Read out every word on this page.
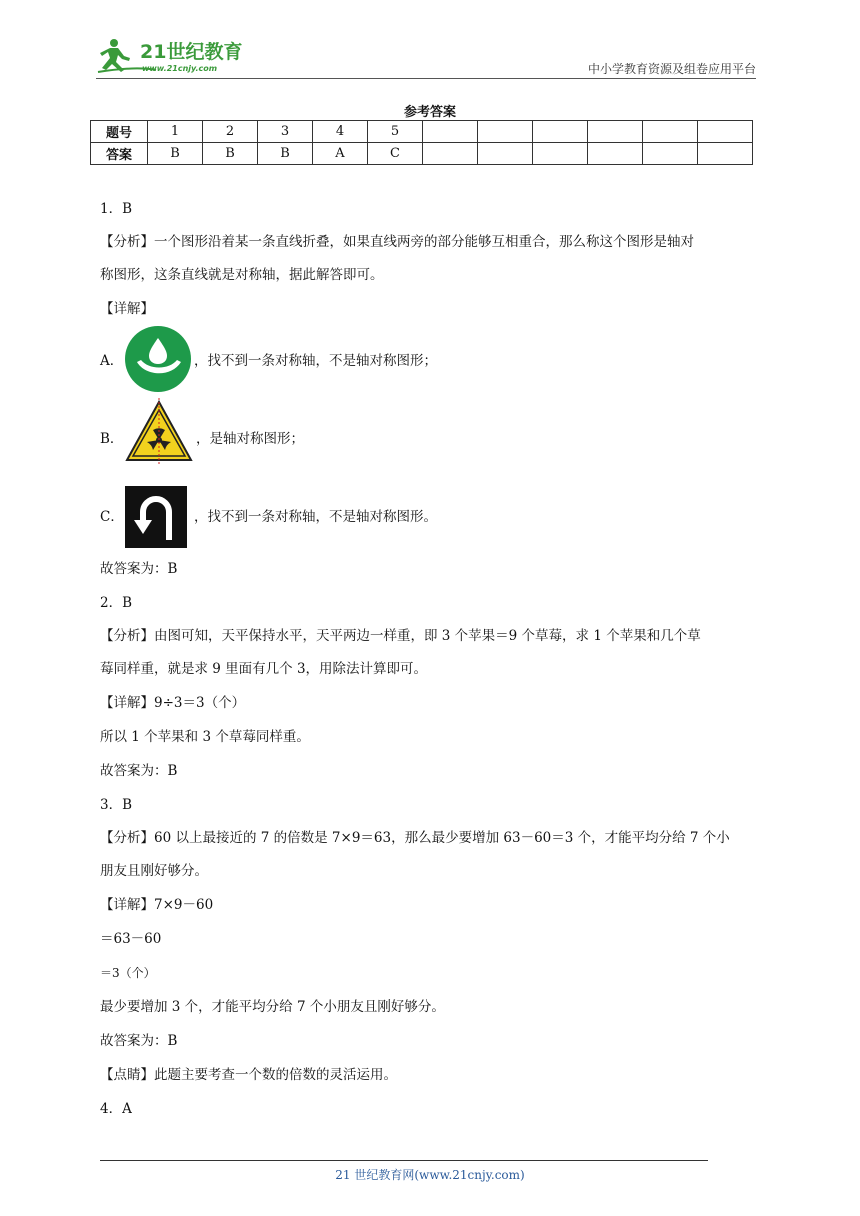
21世纪教育
www.21cnjy.com	中小学教育资源及组卷应用平台
参考答案
题号	1	2	3	4	5						
答案	B	B	B	A	C						
1．B
【分析】一个图形沿着某一条直线折叠，如果直线两旁的部分能够互相重合，那么称这个图形是轴对
称图形，这条直线就是对称轴，据此解答即可。
【详解】
A．	，找不到一条对称轴，不是轴对称图形；
B．	，是轴对称图形；
C．	，找不到一条对称轴，不是轴对称图形。
故答案为：B
2．B
【分析】由图可知，天平保持水平，天平两边一样重，即 3 个苹果＝9 个草莓，求 1 个苹果和几个草
莓同样重，就是求 9 里面有几个 3，用除法计算即可。
【详解】9÷3＝3（个）
所以 1 个苹果和 3 个草莓同样重。
故答案为：B
3．B
【分析】60 以上最接近的 7 的倍数是 7×9＝63，那么最少要增加 63－60＝3 个，才能平均分给 7 个小
朋友且刚好够分。
【详解】7×9－60
＝63－60
＝3（个）
最少要增加 3 个，才能平均分给 7 个小朋友且刚好够分。
故答案为：B
【点睛】此题主要考查一个数的倍数的灵活运用。
4．A
21 世纪教育网(www.21cnjy.com)
